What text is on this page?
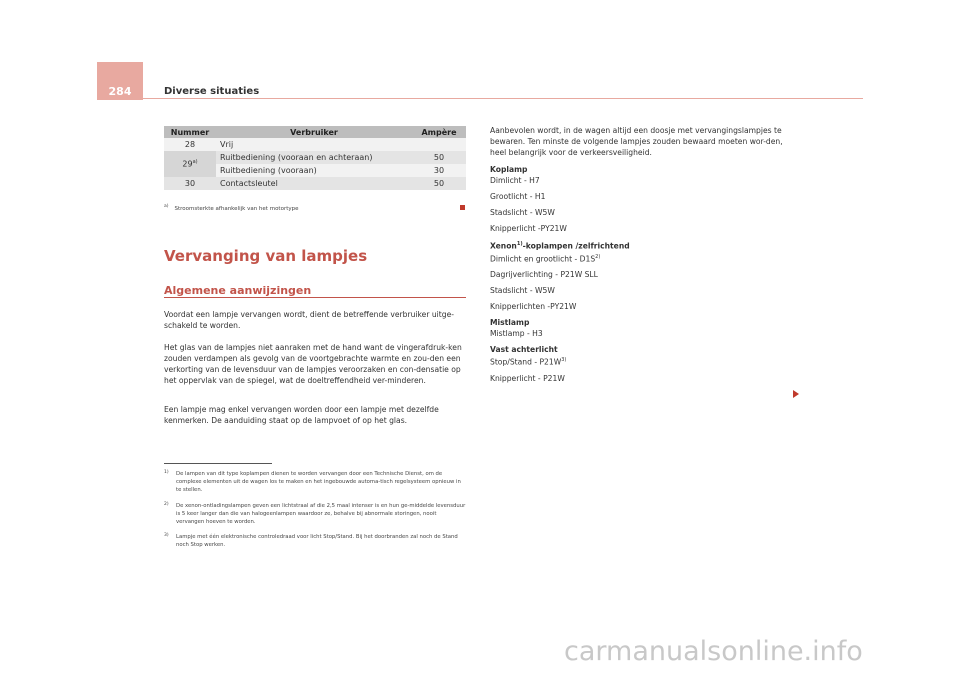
284	Diverse situaties
Nummer	Verbruiker	Ampère
28	Vrij	
29$^{a)}$	Ruitbediening (vooraan en achteraan)	50
	Ruitbediening (vooraan)	30
30	Contactsleutel	50
$^{a)}$ Stroomsterkte afhankelijk van het motortype
Vervanging van lampjes
Algemene aanwijzingen

Voordat een lampje vervangen wordt, dient de betreffende verbruiker uitge-schakeld te worden.

Het glas van de lampjes niet aanraken met de hand want de vingerafdruk-ken zouden verdampen als gevolg van de voortgebrachte warmte en zou-den een verkorting van de levensduur van de lampjes veroorzaken en con-densatie op het oppervlak van de spiegel, wat de doeltreffendheid ver-minderen.

Een lampje mag enkel vervangen worden door een lampje met dezelfde kenmerken. De aanduiding staat op de lampvoet of op het glas.

1) De lampen van dit type koplampen dienen te worden vervangen door een Technische Dienst, om de complexe elementen uit de wagen los te maken en het ingebouwde automa-tisch regelsysteem opnieuw in te stellen.
2) De xenon-ontladingslampen geven een lichtstraal af die 2,5 maal intenser is en hun ge-middelde levensduur is 5 keer langer dan die van halogeenlampen waardoor ze, behalve bij abnormale storingen, nooit vervangen hoeven te worden.
3) Lampje met één elektronische controledraad voor licht Stop/Stand. Bij het doorbranden zal noch de Stand noch Stop werken.

Aanbevolen wordt, in de wagen altijd een doosje met vervangingslampjes te bewaren. Ten minste de volgende lampjes zouden bewaard moeten wor-den, heel belangrijk voor de verkeersveiligheid.

Koplamp
Dimlicht - H7
Grootlicht - H1
Stadslicht - W5W
Knipperlicht -PY21W
Xenon$^{1)}$-koplampen /zelfrichtend
Dimlicht en grootlicht - $D1S^{2)}$
Dagrijverlichting - P21W SLL
Stadslicht - W5W
Knipperlichten -PY21W
Mistlamp
Mistlamp - H3
Vast achterlicht
Stop/Stand - $P21W^{3)}$
Knipperlicht - P21W
carmanualsonline.info
